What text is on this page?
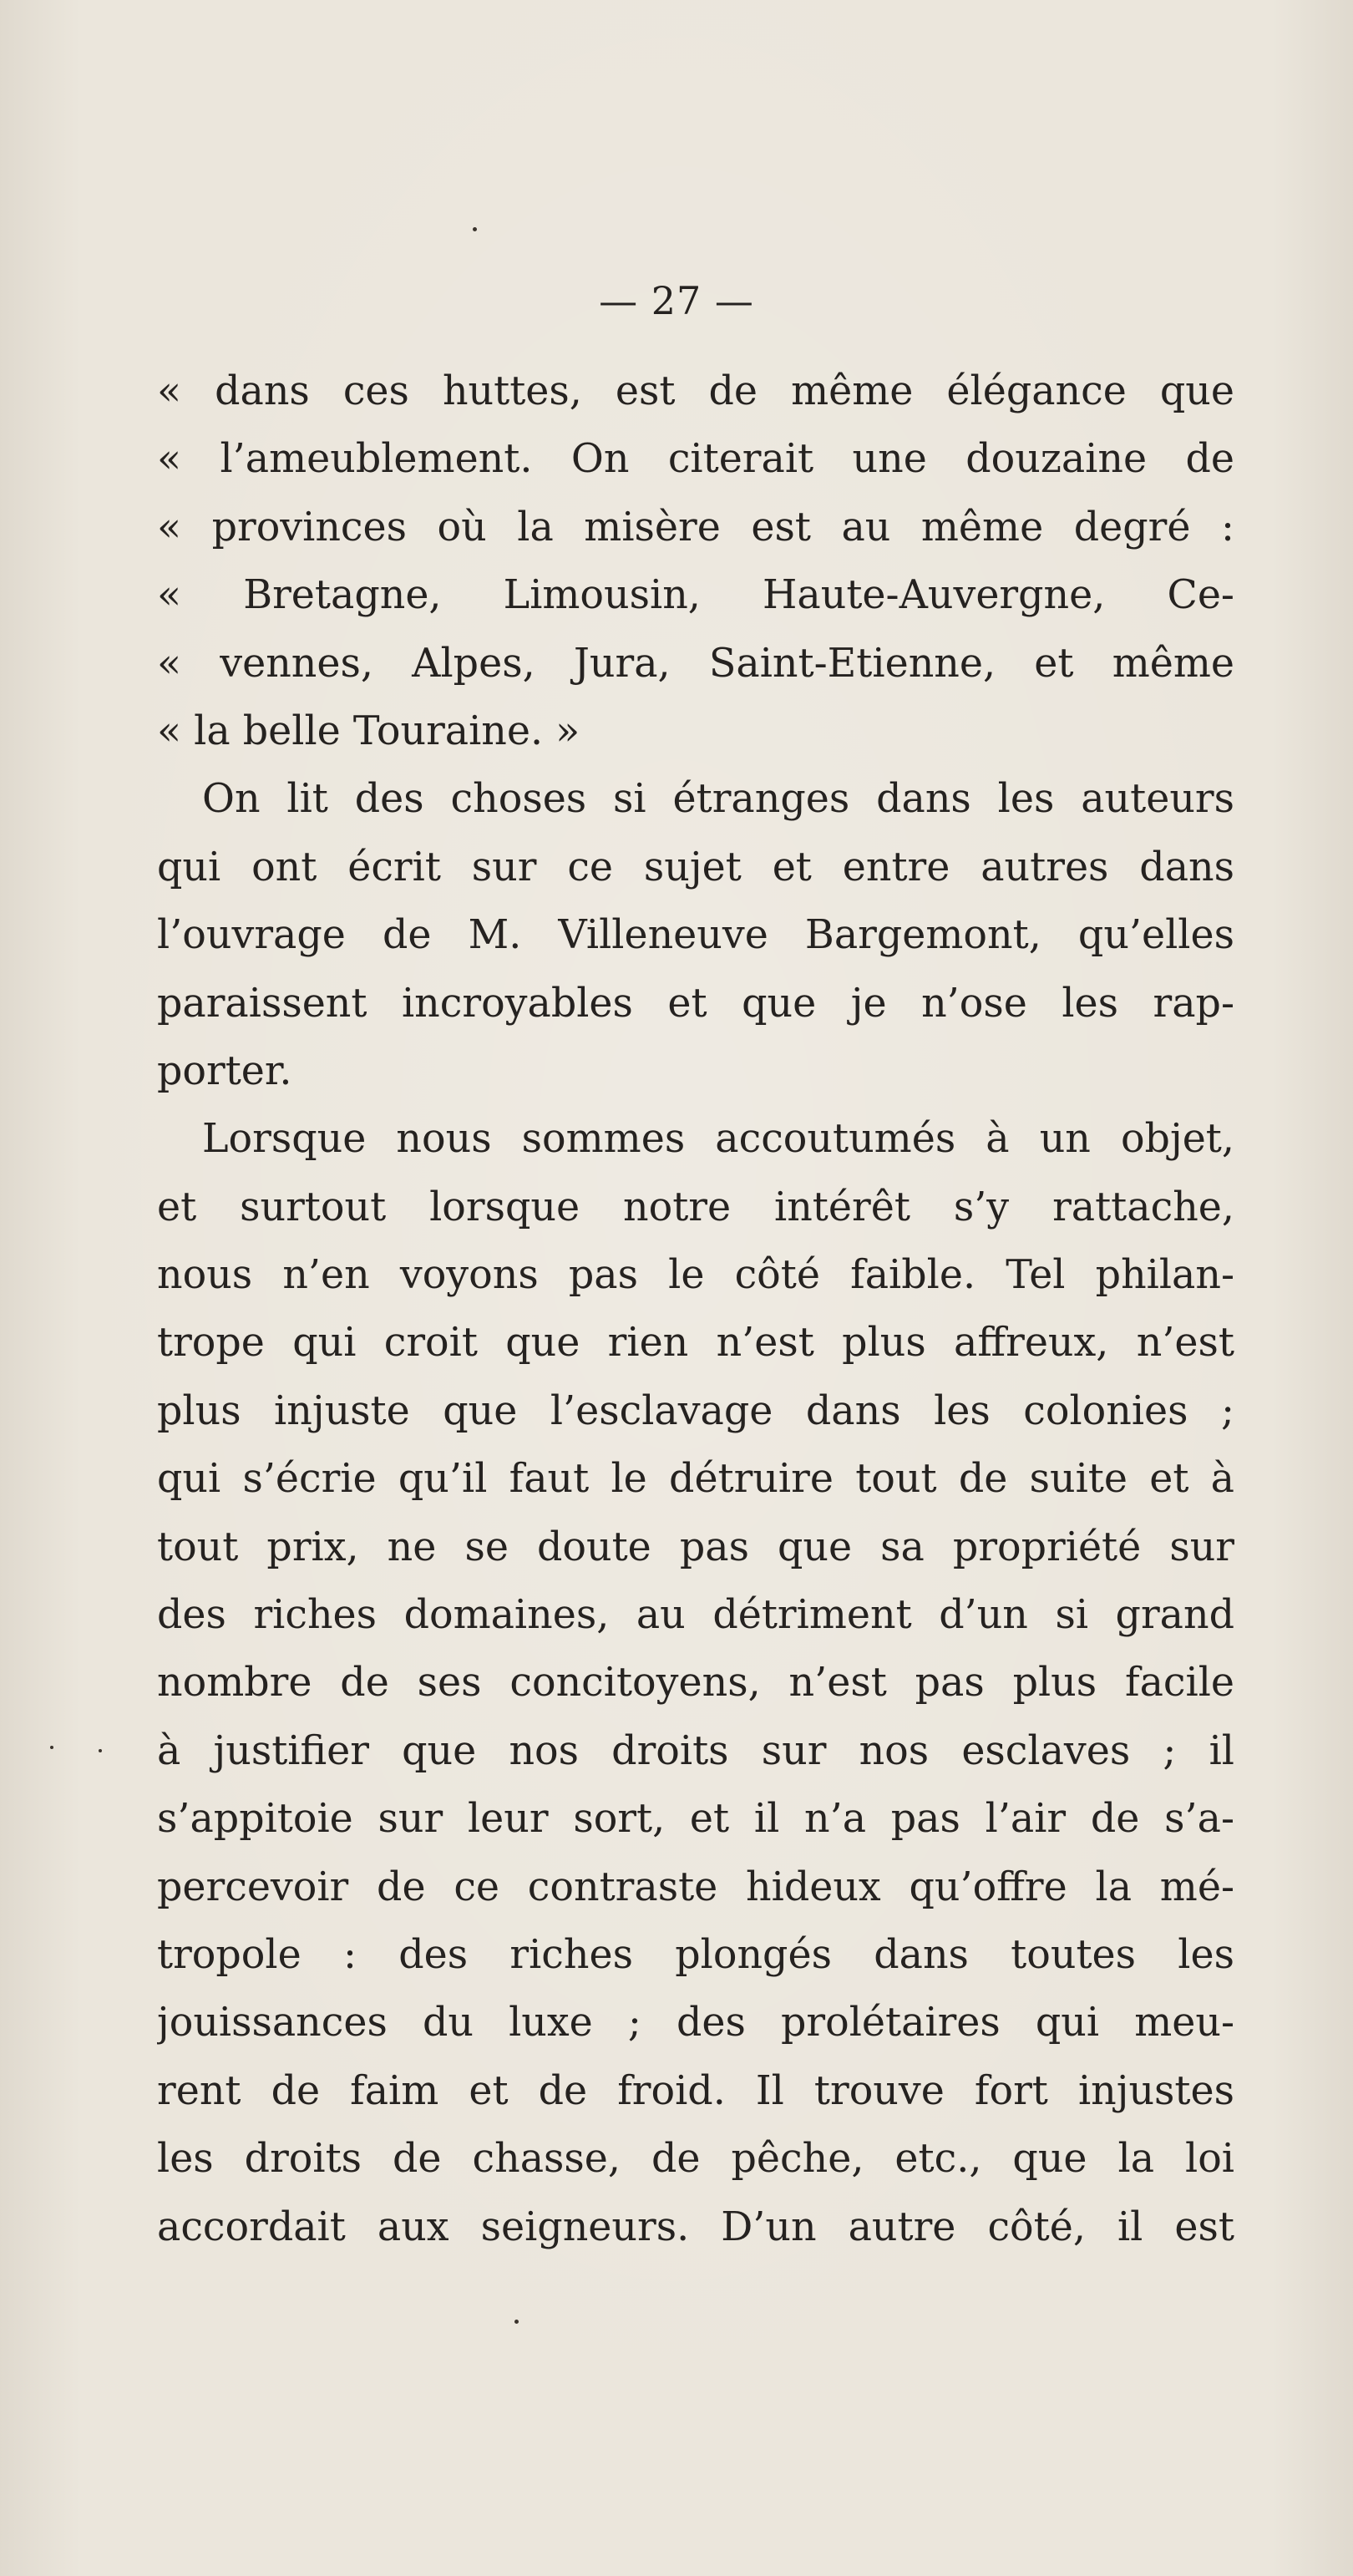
— 27 —
« dans ces huttes, est de même élégance que
« l’ameublement. On citerait une douzaine de
« provinces où la misère est au même degré :
« Bretagne, Limousin, Haute-Auvergne, Ce-
« vennes, Alpes, Jura, Saint-Etienne, et même
« la belle Touraine. »
On lit des choses si étranges dans les auteurs
qui ont écrit sur ce sujet et entre autres dans
l’ouvrage de M. Villeneuve Bargemont, qu’elles
paraissent incroyables et que je n’ose les rap-
porter.
Lorsque nous sommes accoutumés à un objet,
et surtout lorsque notre intérêt s’y rattache,
nous n’en voyons pas le côté faible. Tel philan-
trope qui croit que rien n’est plus affreux, n’est
plus injuste que l’esclavage dans les colonies ;
qui s’écrie qu’il faut le détruire tout de suite et à
tout prix, ne se doute pas que sa propriété sur
des riches domaines, au détriment d’un si grand
nombre de ses concitoyens, n’est pas plus facile
à justifier que nos droits sur nos esclaves ; il
s’appitoie sur leur sort, et il n’a pas l’air de s’a-
percevoir de ce contraste hideux qu’offre la mé-
tropole : des riches plongés dans toutes les
jouissances du luxe ; des prolétaires qui meu-
rent de faim et de froid. Il trouve fort injustes
les droits de chasse, de pêche, etc., que la loi
accordait aux seigneurs. D’un autre côté, il est
